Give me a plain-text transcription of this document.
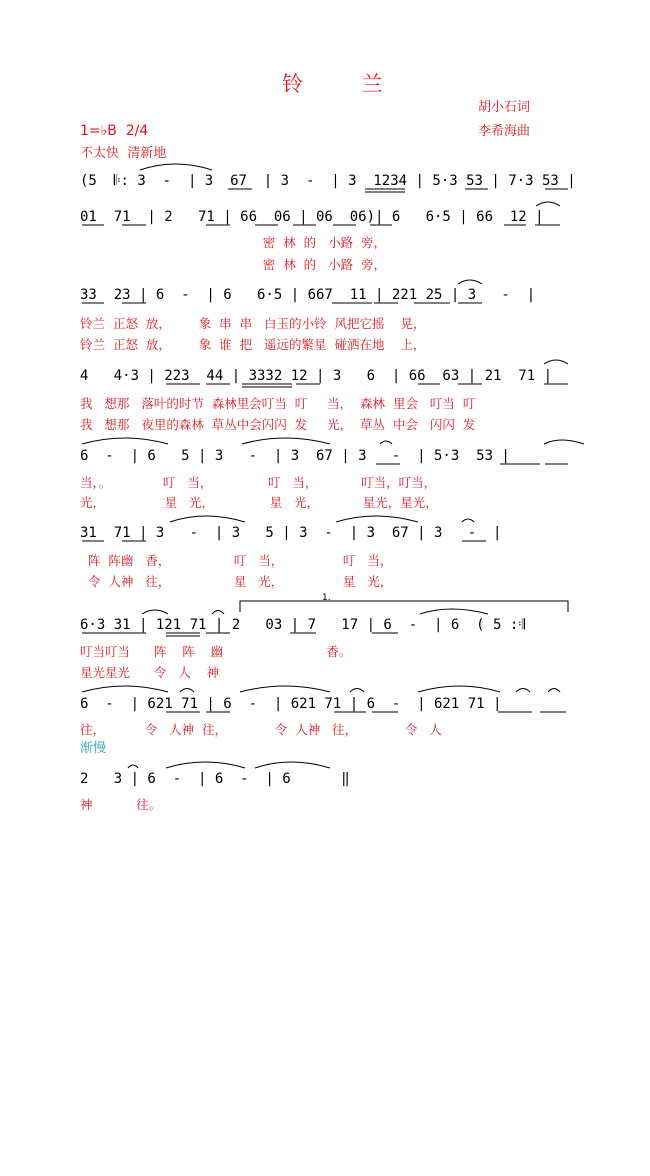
铃 兰
胡小石词
李希海曲
1=♭B  2/4
不太快  清新地
(5  𝄆: 3  -  | 3  67  | 3  -  | 3  1234 | 5·3 53 | 7·3 53 |
01  71  | 2   71 | 66  06 | 06  06)| 6   6·5 | 66  12 |
密  林  的   小路  旁，
密  林  的   小路  旁，
33  23 | 6  -  | 6   6·5 | 667  11 | 221 25 | 3   -  |
铃兰  正怒  放，       象  串  串   白玉的小铃  风把它摇    晃，
铃兰  正怒  放，       象  谁  把   遥远的繁星  碰洒在地    上，
4   4·3 | 223  44 | 3332 12 | 3   6  | 66  63 | 21  71 |
我   想那   落叶的时节  森林里会叮当  叮     当，  森林  里会   叮当  叮
我   想那   夜里的森林  草丛中会闪闪  发     光，  草丛  中会   闪闪  发
6  -  | 6   5 | 3   -  | 3  67 | 3   -  | 5·3  53 |
当，。             叮   当，              叮   当，           叮当，叮当，
光，               星   光，              星   光，           星光，星光，
31  71 | 3   -  | 3   5 | 3  -  | 3  67 | 3   -  |
阵  阵幽   香，                叮   当，               叮   当，
令  人神   往，                星   光，               星   光，
1.
6·3 31 | 121 71 | 2   03 | 7   17 | 6  -  | 6  ( 5 :𝄇
叮当叮当      阵    阵    幽                          香。
星光星光      令   人    神
6  -  | 621 71 | 6  -  | 621 71 | 6  -  | 621 71 |
往，          令   人神  往，            令  人神   往，            令   人
渐慢
2   3 | 6  -  | 6  -  | 6      ‖
神           往。
